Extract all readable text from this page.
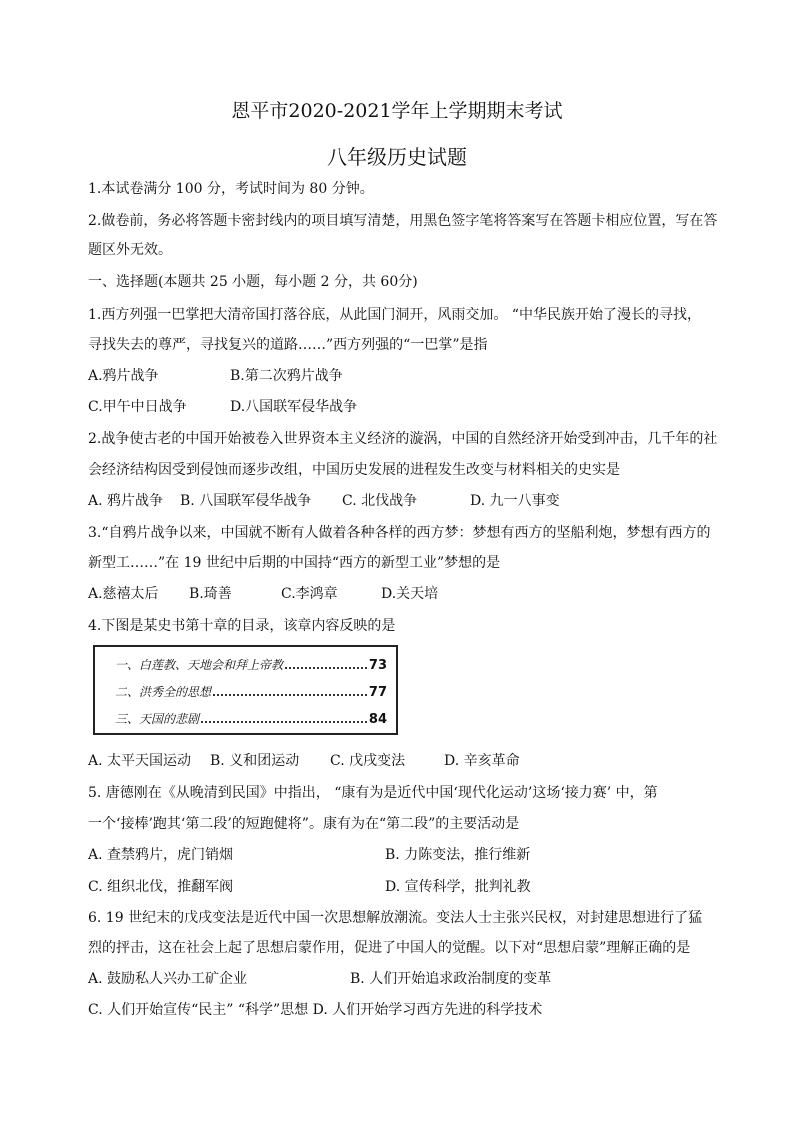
恩平市2020-2021学年上学期期末考试
八年级历史试题
1.本试卷满分 100 分，考试时间为 80 分钟。
2.做卷前，务必将答题卡密封线内的项目填写清楚，用黑色签字笔将答案写在答题卡相应位置，写在答
题区外无效。
一、选择题(本题共 25 小题，每小题 2 分，共 60分)
1.西方列强一巴掌把大清帝国打落谷底，从此国门洞开，风雨交加。 “中华民族开始了漫长的寻找，
寻找失去的尊严，寻找复兴的道路……”西方列强的“一巴掌”是指
A.鸦片战争	B.第二次鸦片战争
C.甲午中日战争	D.八国联军侵华战争
2.战争使古老的中国开始被卷入世界资本主义经济的漩涡，中国的自然经济开始受到冲击，几千年的社
会经济结构因受到侵蚀而逐步改组，中国历史发展的进程发生改变与材料相关的史实是
A. 鸦片战争 B. 八国联军侵华战争 C. 北伐战争	D. 九一八事变
3.“自鸦片战争以来，中国就不断有人做着各种各样的西方梦：梦想有西方的坚船利炮，梦想有西方的
新型工……”在 19 世纪中后期的中国持“西方的新型工业”梦想的是
A.慈禧太后 B.琦善	C.李鸿章	D.关天培
4.下图是某史书第十章的目录，该章内容反映的是
一、白莲教、天地会和拜上帝教	73
二、洪秀全的思想	77
三、天国的悲剧	84
A. 太平天国运动 B. 义和团运动 C. 戊戌变法	D. 辛亥革命
5. 唐德刚在《从晚清到民国》中指出， “康有为是近代中国‘现代化运动’这场‘接力赛’ 中，第
一个‘接棒’跑其‘第二段’的短跑健将”。康有为在“第二段”的主要活动是
A. 查禁鸦片，虎门销烟	B. 力陈变法，推行维新
C. 组织北伐，推翻军阀	D. 宣传科学，批判礼教
6. 19 世纪末的戊戌变法是近代中国一次思想解放潮流。变法人士主张兴民权，对封建思想进行了猛
烈的抨击，这在社会上起了思想启蒙作用，促进了中国人的觉醒。以下对“思想启蒙”理解正确的是
A. 鼓励私人兴办工矿企业	B. 人们开始追求政治制度的变革
C. 人们开始宣传“民主” “科学”思想 D. 人们开始学习西方先进的科学技术
